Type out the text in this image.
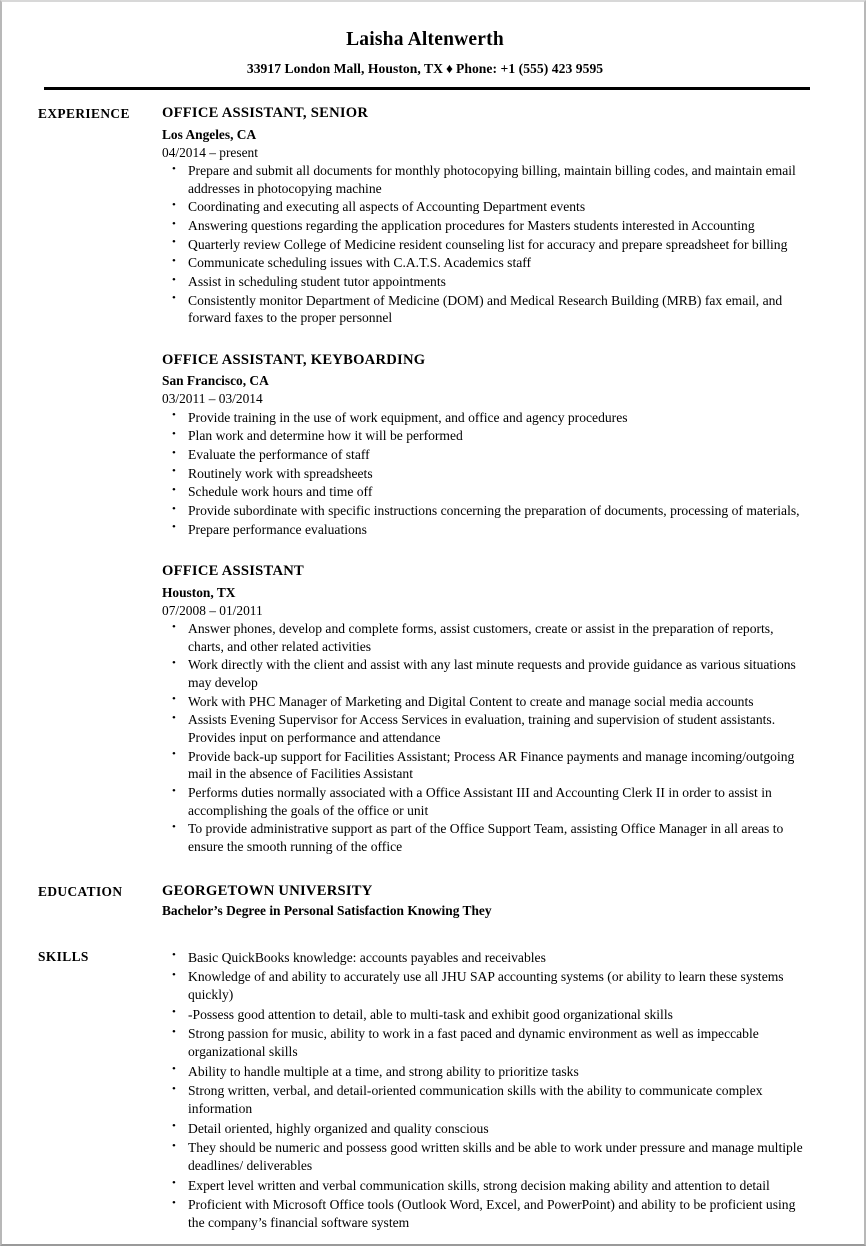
Laisha Altenwerth
33917 London Mall, Houston, TX ♦ Phone: +1 (555) 423 9595
EXPERIENCE	OFFICE ASSISTANT, SENIOR
Los Angeles, CA
04/2014 – present
• Prepare and submit all documents for monthly photocopying billing, maintain billing codes, and maintain email addresses in photocopying machine
• Coordinating and executing all aspects of Accounting Department events
• Answering questions regarding the application procedures for Masters students interested in Accounting
• Quarterly review College of Medicine resident counseling list for accuracy and prepare spreadsheet for billing
• Communicate scheduling issues with C.A.T.S. Academics staff
• Assist in scheduling student tutor appointments
• Consistently monitor Department of Medicine (DOM) and Medical Research Building (MRB) fax email, and forward faxes to the proper personnel
OFFICE ASSISTANT, KEYBOARDING
San Francisco, CA
03/2011 – 03/2014
• Provide training in the use of work equipment, and office and agency procedures
• Plan work and determine how it will be performed
• Evaluate the performance of staff
• Routinely work with spreadsheets
• Schedule work hours and time off
• Provide subordinate with specific instructions concerning the preparation of documents, processing of materials,
• Prepare performance evaluations
OFFICE ASSISTANT
Houston, TX
07/2008 – 01/2011
• Answer phones, develop and complete forms, assist customers, create or assist in the preparation of reports, charts, and other related activities
• Work directly with the client and assist with any last minute requests and provide guidance as various situations may develop
• Work with PHC Manager of Marketing and Digital Content to create and manage social media accounts
• Assists Evening Supervisor for Access Services in evaluation, training and supervision of student assistants. Provides input on performance and attendance
• Provide back-up support for Facilities Assistant; Process AR Finance payments and manage incoming/outgoing mail in the absence of Facilities Assistant
• Performs duties normally associated with a Office Assistant III and Accounting Clerk II in order to assist in accomplishing the goals of the office or unit
• To provide administrative support as part of the Office Support Team, assisting Office Manager in all areas to ensure the smooth running of the office
EDUCATION	GEORGETOWN UNIVERSITY
Bachelor’s Degree in Personal Satisfaction Knowing They
SKILLS	• Basic QuickBooks knowledge: accounts payables and receivables
• Knowledge of and ability to accurately use all JHU SAP accounting systems (or ability to learn these systems quickly)
• -Possess good attention to detail, able to multi-task and exhibit good organizational skills
• Strong passion for music, ability to work in a fast paced and dynamic environment as well as impeccable organizational skills
• Ability to handle multiple at a time, and strong ability to prioritize tasks
• Strong written, verbal, and detail-oriented communication skills with the ability to communicate complex information
• Detail oriented, highly organized and quality conscious
• They should be numeric and possess good written skills and be able to work under pressure and manage multiple deadlines/ deliverables
• Expert level written and verbal communication skills, strong decision making ability and attention to detail
• Proficient with Microsoft Office tools (Outlook Word, Excel, and PowerPoint) and ability to be proficient using the company’s financial software system
